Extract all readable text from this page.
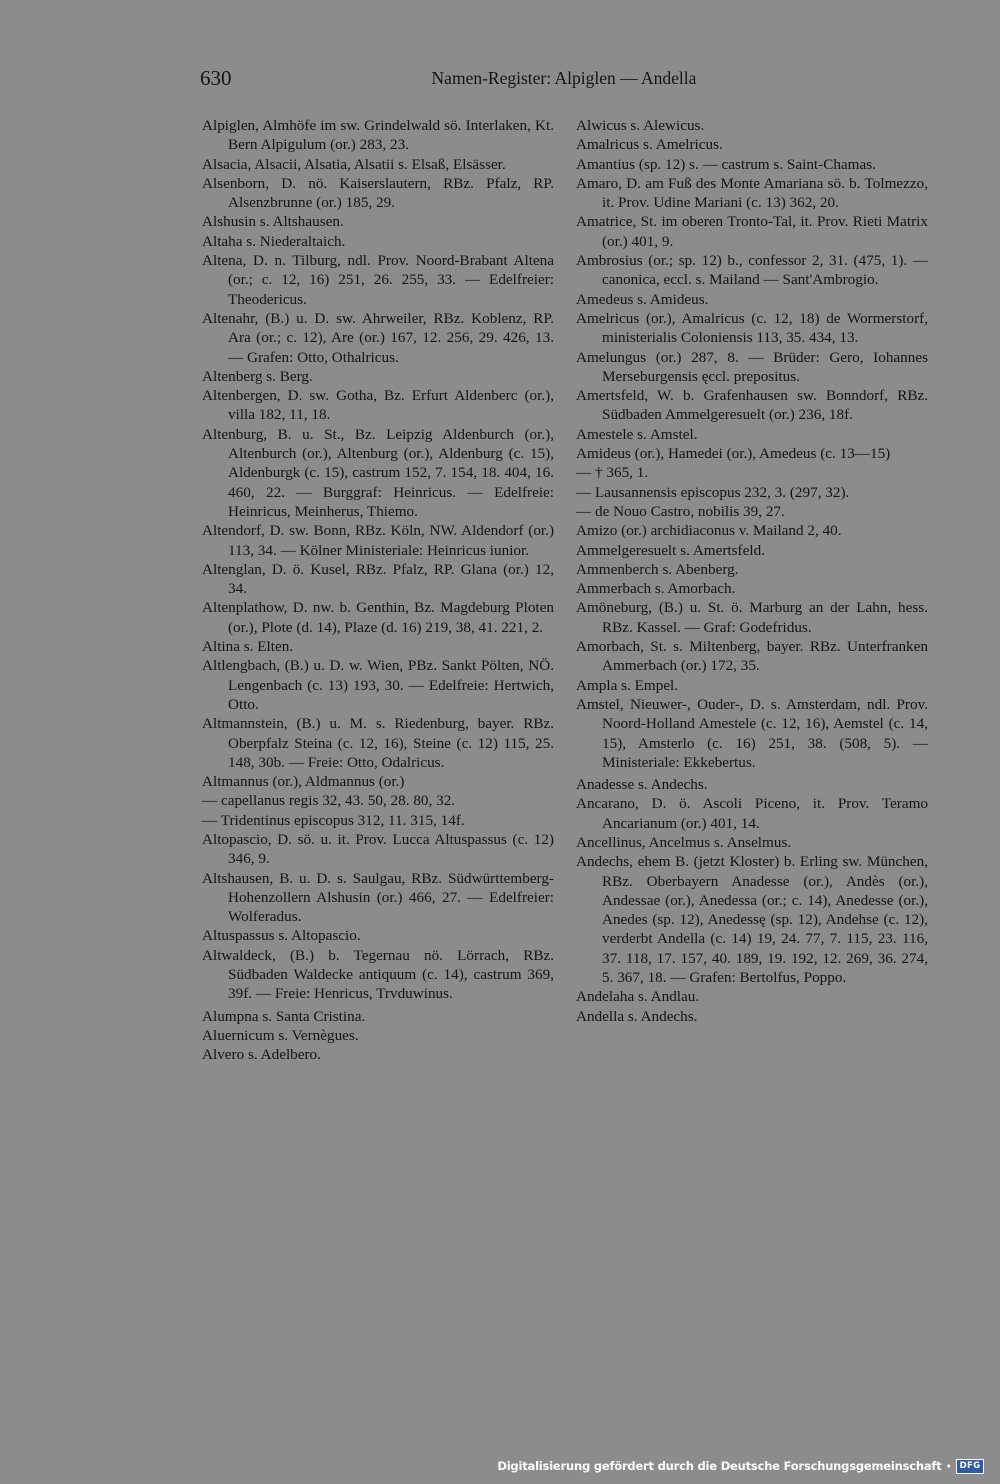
630	Namen-Register: Alpiglen — Andella

Alpiglen, Almhöfe im sw. Grindelwald sö. Interlaken, Kt. Bern Alpigulum (or.) 283, 23.

Alsacia, Alsacii, Alsatia, Alsatii s. Elsaß, Elsässer.

Alsenborn, D. nö. Kaiserslautern, RBz. Pfalz, RP. Alsenzbrunne (or.) 185, 29.

Alshusin s. Altshausen.

Altaha s. Niederaltaich.

Altena, D. n. Tilburg, ndl. Prov. Noord-Brabant Altena (or.; c. 12, 16) 251, 26. 255, 33. — Edelfreier: Theodericus.

Altenahr, (B.) u. D. sw. Ahrweiler, RBz. Koblenz, RP. Ara (or.; c. 12), Are (or.) 167, 12. 256, 29. 426, 13. — Grafen: Otto, Othalricus.

Altenberg s. Berg.

Altenbergen, D. sw. Gotha, Bz. Erfurt Aldenberc (or.), villa 182, 11, 18.

Altenburg, B. u. St., Bz. Leipzig Aldenburch (or.), Altenburch (or.), Altenburg (or.), Aldenburg (c. 15), Aldenburgk (c. 15), castrum 152, 7. 154, 18. 404, 16. 460, 22. — Burggraf: Heinricus. — Edelfreie: Heinricus, Meinherus, Thiemo.

Altendorf, D. sw. Bonn, RBz. Köln, NW. Aldendorf (or.) 113, 34. — Kölner Ministeriale: Heinricus iunior.

Altenglan, D. ö. Kusel, RBz. Pfalz, RP. Glana (or.) 12, 34.

Altenplathow, D. nw. b. Genthin, Bz. Magdeburg Ploten (or.), Plote (d. 14), Plaze (d. 16) 219, 38, 41. 221, 2.

Altina s. Elten.

Altlengbach, (B.) u. D. w. Wien, PBz. Sankt Pölten, NÖ. Lengenbach (c. 13) 193, 30. — Edelfreie: Hertwich, Otto.

Altmannstein, (B.) u. M. s. Riedenburg, bayer. RBz. Oberpfalz Steina (c. 12, 16), Steine (c. 12) 115, 25. 148, 30b. — Freie: Otto, Odalricus.

Altmannus (or.), Aldmannus (or.)

— capellanus regis 32, 43. 50, 28. 80, 32.

— Tridentinus episcopus 312, 11. 315, 14f.

Altopascio, D. sö. u. it. Prov. Lucca Altuspassus (c. 12) 346, 9.

Altshausen, B. u. D. s. Saulgau, RBz. Südwürttemberg-Hohenzollern Alshusin (or.) 466, 27. — Edelfreier: Wolferadus.

Altuspassus s. Altopascio.

Altwaldeck, (B.) b. Tegernau nö. Lörrach, RBz. Südbaden Waldecke antiquum (c. 14), castrum 369, 39f. — Freie: Henricus, Trvduwinus.

Alumpna s. Santa Cristina.

Aluernicum s. Vernègues.

Alvero s. Adelbero.

Alwicus s. Alewicus.

Amalricus s. Amelricus.

Amantius (sp. 12) s. — castrum s. Saint-Chamas.

Amaro, D. am Fuß des Monte Amariana sö. b. Tolmezzo, it. Prov. Udine Mariani (c. 13) 362, 20.

Amatrice, St. im oberen Tronto-Tal, it. Prov. Rieti Matrix (or.) 401, 9.

Ambrosius (or.; sp. 12) b., confessor 2, 31. (475, 1). — canonica, eccl. s. Mailand — Sant'Ambrogio.

Amedeus s. Amideus.

Amelricus (or.), Amalricus (c. 12, 18) de Wormerstorf, ministerialis Coloniensis 113, 35. 434, 13.

Amelungus (or.) 287, 8. — Brüder: Gero, Iohannes Merseburgensis ęccl. prepositus.

Amertsfeld, W. b. Grafenhausen sw. Bonndorf, RBz. Südbaden Ammelgeresuelt (or.) 236, 18f.

Amestele s. Amstel.

Amideus (or.), Hamedei (or.), Amedeus (c. 13—15)

— † 365, 1.

— Lausannensis episcopus 232, 3. (297, 32).

— de Nouo Castro, nobilis 39, 27.

Amizo (or.) archidiaconus v. Mailand 2, 40.

Ammelgeresuelt s. Amertsfeld.

Ammenberch s. Abenberg.

Ammerbach s. Amorbach.

Amöneburg, (B.) u. St. ö. Marburg an der Lahn, hess. RBz. Kassel. — Graf: Godefridus.

Amorbach, St. s. Miltenberg, bayer. RBz. Unterfranken Ammerbach (or.) 172, 35.

Ampla s. Empel.

Amstel, Nieuwer-, Ouder-, D. s. Amsterdam, ndl. Prov. Noord-Holland Amestele (c. 12, 16), Aemstel (c. 14, 15), Amsterlo (c. 16) 251, 38. (508, 5). — Ministeriale: Ekkebertus.

Anadesse s. Andechs.

Ancarano, D. ö. Ascoli Piceno, it. Prov. Teramo Ancarianum (or.) 401, 14.

Ancellinus, Ancelmus s. Anselmus.

Andechs, ehem B. (jetzt Kloster) b. Erling sw. München, RBz. Oberbayern Anadesse (or.), Andès (or.), Andessae (or.), Anedessa (or.; c. 14), Anedesse (or.), Anedes (sp. 12), Anedessę (sp. 12), Andehse (c. 12), verderbt Andella (c. 14) 19, 24. 77, 7. 115, 23. 116, 37. 118, 17. 157, 40. 189, 19. 192, 12. 269, 36. 274, 5. 367, 18. — Grafen: Bertolfus, Poppo.

Andelaha s. Andlau.

Andella s. Andechs.

Digitalisierung gefördert durch die Deutsche Forschungsgemeinschaft • DFG
